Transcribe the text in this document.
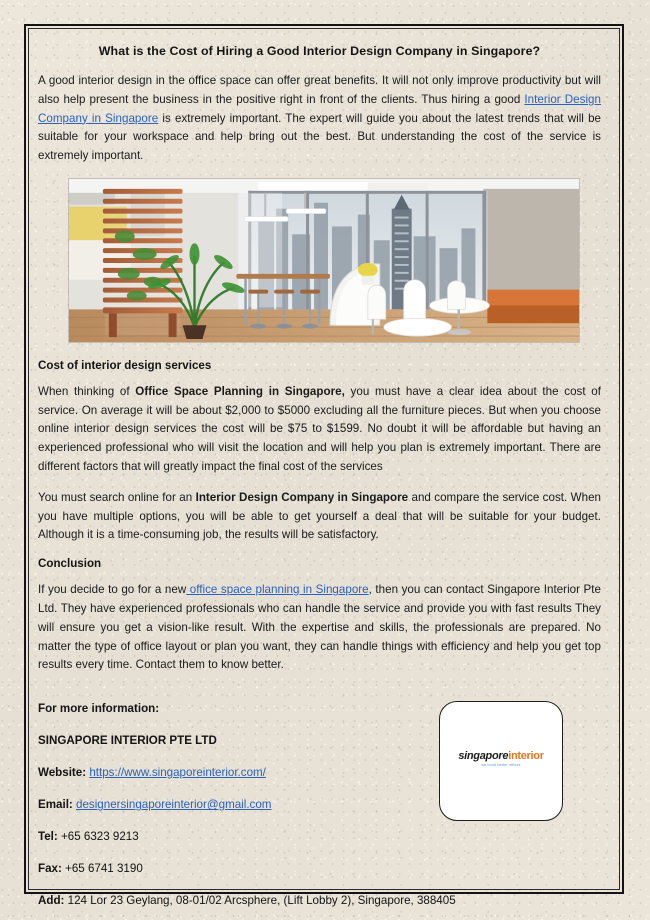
What is the Cost of Hiring a Good Interior Design Company in Singapore?

A good interior design in the office space can offer great benefits. It will not only improve productivity but will also help present the business in the positive right in front of the clients. Thus hiring a good Interior Design Company in Singapore is extremely important. The expert will guide you about the latest trends that will be suitable for your workspace and help bring out the best. But understanding the cost of the service is extremely important.

Cost of interior design services

When thinking of Office Space Planning in Singapore, you must have a clear idea about the cost of service. On average it will be about $2,000 to $5000 excluding all the furniture pieces. But when you choose online interior design services the cost will be $75 to $1599. No doubt it will be affordable but having an experienced professional who will visit the location and will help you plan is extremely important. There are different factors that will greatly impact the final cost of the services

You must search online for an Interior Design Company in Singapore and compare the service cost. When you have multiple options, you will be able to get yourself a deal that will be suitable for your budget. Although it is a time-consuming job, the results will be satisfactory.

Conclusion

If you decide to go for a new office space planning in Singapore, then you can contact Singapore Interior Pte Ltd. They have experienced professionals who can handle the service and provide you with fast results They will ensure you get a vision-like result. With the expertise and skills, the professionals are prepared. No matter the type of office layout or plan you want, they can handle things with efficiency and help you get top results every time. Contact them to know better.

singaporeinterior
we build better offices

For more information:

SINGAPORE INTERIOR PTE LTD

Website: https://www.singaporeinterior.com/

Email: designersingaporeinterior@gmail.com

Tel: +65 6323 9213

Fax: +65 6741 3190

Add: 124 Lor 23 Geylang, 08-01/02 Arcsphere, (Lift Lobby 2), Singapore, 388405
